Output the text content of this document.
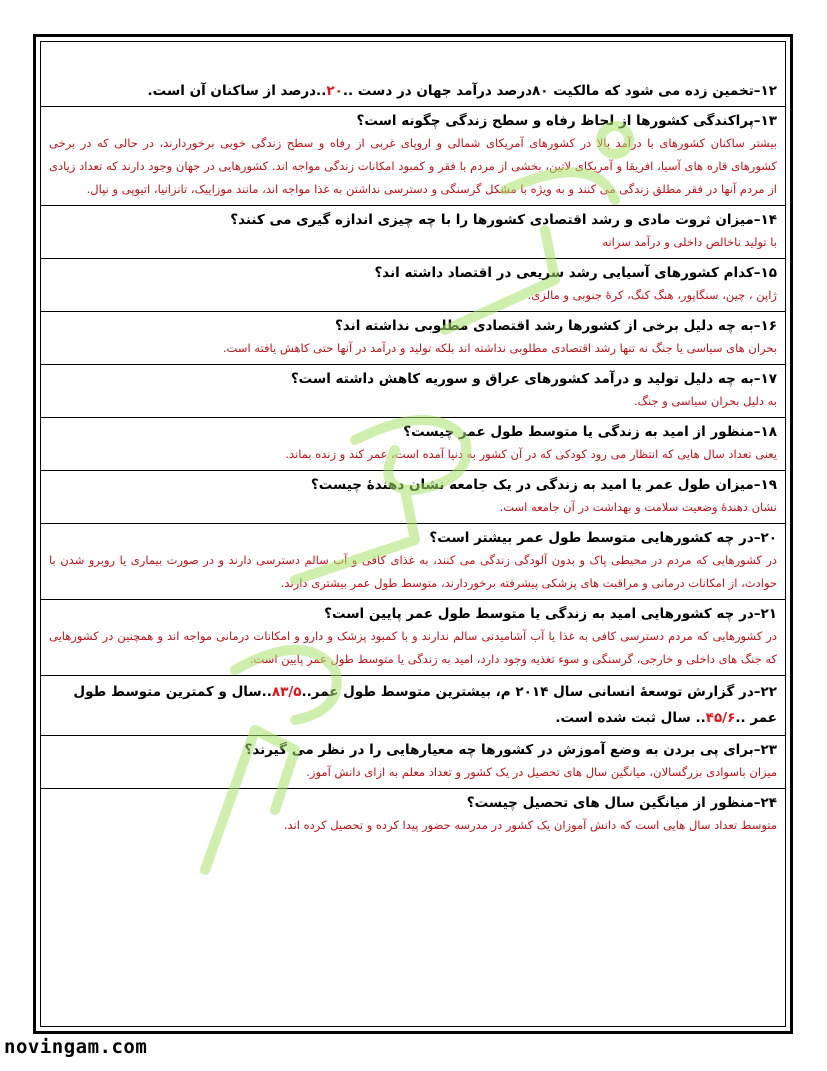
۱۲–تخمین زده می شود که مالکیت ۸۰درصد درآمد جهان در دست ..۲۰..درصد از ساکنان آن است.
۱۳–پراکندگی کشورها از لحاظ رفاه و سطح زندگی چگونه است؟
بیشتر ساکنان کشورهای با درآمد بالا در کشورهای آمریکای شمالی و اروپای غربی از رفاه و سطح زندگی خوبی برخوردارند، در حالی که در برخی کشورهای قاره های آسیا، افریقا و آمریکای لاتین، بخشی از مردم با فقر و کمبود امکانات زندگی مواجه اند. کشورهایی در جهان وجود دارند که تعداد زیادی از مردم آنها در فقر مطلق زندگی می کنند و به ویژه با مشکل گرسنگی و دسترسی نداشتن به غذا مواجه اند، مانند موزاییک، تانزانیا، اتیوپی و نپال.
۱۴–میزان ثروت مادی و رشد اقتصادی کشورها را با چه چیزی اندازه گیری می کنند؟
با تولید ناخالص داخلی و درآمد سرانه
۱۵–کدام کشورهای آسیایی رشد سریعی در اقتصاد داشته اند؟
ژاپن ، چین، سنگاپور، هنگ کنگ، کرهٔ جنوبی و مالزی.
۱۶–به چه دلیل برخی از کشورها رشد اقتصادی مطلوبی نداشته اند؟
بحران های سیاسی یا جنگ نه تنها رشد اقتصادی مطلوبی نداشته اند بلکه تولید و درآمد در آنها حتی کاهش یافته است.
۱۷–به چه دلیل تولید و درآمد کشورهای عراق و سوریه کاهش داشته است؟
به دلیل بحران سیاسی و جنگ.
۱۸–منظور از امید به زندگی یا متوسط طول عمر چیست؟
یعنی تعداد سال هایی که انتظار می رود کودکی که در آن کشور به دنیا آمده است، عمر کند و زنده بماند.
۱۹–میزان طول عمر یا امید به زندگی در یک جامعه نشان دهندهٔ چیست؟
نشان دهندهٔ وضعیت سلامت و بهداشت در آن جامعه است.
۲۰–در چه کشورهایی متوسط طول عمر بیشتر است؟
در کشورهایی که مردم در محیطی پاک و بدون آلودگی زندگی می کنند، به غذای کافی و آب سالم دسترسی دارند و در صورت بیماری یا روبرو شدن با حوادث، از امکانات درمانی و مراقبت های پزشکی پیشرفته برخوردارند، متوسط طول عمر بیشتری دارند.
۲۱–در چه کشورهایی امید به زندگی یا متوسط طول عمر پایین است؟
در کشورهایی که مردم دسترسی کافی به غذا یا آب آشامیدنی سالم ندارند و با کمبود پزشک و دارو و امکانات درمانی مواجه اند و همچنین در کشورهایی که جنگ های داخلی و خارجی، گرسنگی و سوء تغذیه وجود دارد، امید به زندگی یا متوسط طول عمر پایین است.
۲۲–در گزارش توسعهٔ انسانی سال ۲۰۱۴ م، بیشترین متوسط طول عمر..۸۳/۵..سال و کمترین متوسط طول عمر ..۴۵/۶.. سال ثبت شده است.
۲۳–برای پی بردن به وضع آموزش در کشورها چه معیارهایی را در نظر می گیرند؟
میزان باسوادی بزرگسالان، میانگین سال های تحصیل در یک کشور و تعداد معلم به ازای دانش آموز.
۲۴–منظور از میانگین سال های تحصیل چیست؟
متوسط تعداد سال هایی است که دانش آموزان یک کشور در مدرسه حضور پیدا کرده و تحصیل کرده اند.
novingam.com
